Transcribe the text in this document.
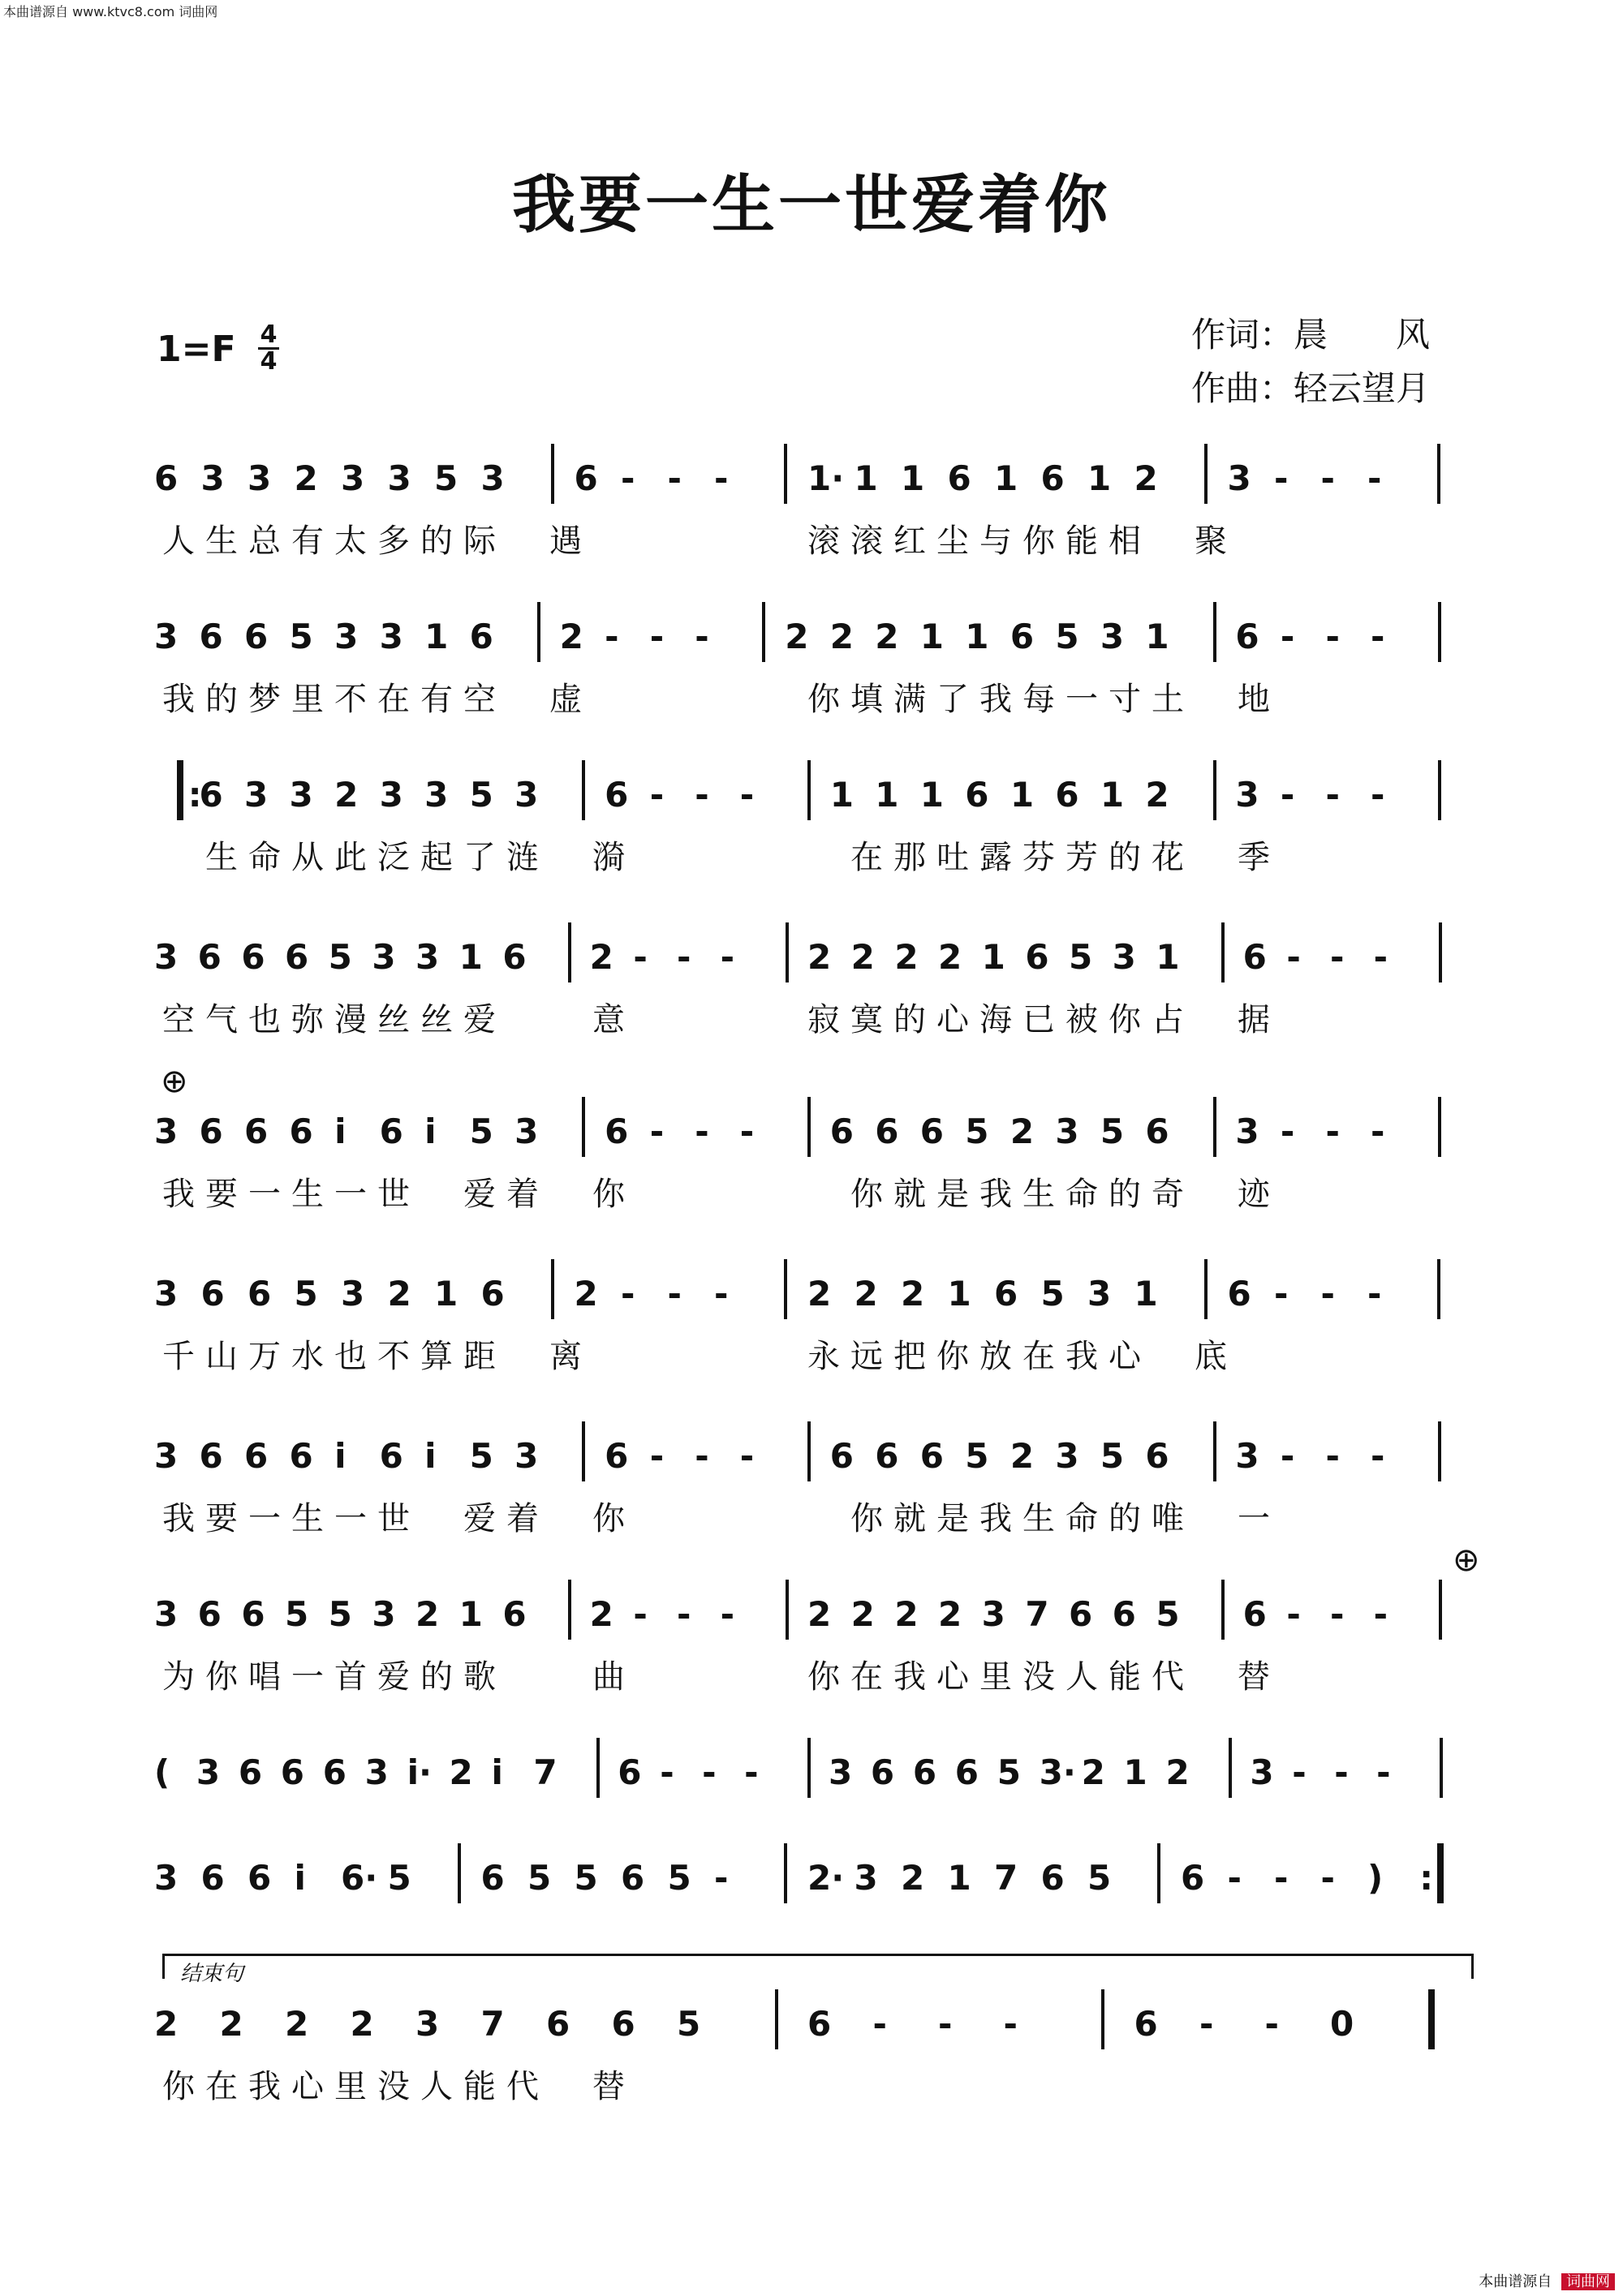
本曲谱源自 www.ktvc8.com 词曲网
我要一生一世爱着你
1=F 4
4
作词：晨　　风
作曲：轻云望月
6 3 3 2 3 3 5 3 6 - - - 1· 1 1 6 1 6 1 2 3 - - -
人生总有太多的际　遇　　　　　滚滚红尘与你能相　聚
3 6 6 5 3 3 1 6 2 - - - 2 2 2 1 1 6 5 3 1 6 - - -
我的梦里不在有空　虚　　　　　你填满了我每一寸土　地
:
6 3 3 2 3 3 5 3 6 - - - 1 1 1 6 1 6 1 2 3 - - -
　生命从此泛起了涟　漪　　　　　在那吐露芬芳的花　季
3 6 6 6 5 3 3 1 6 2 - - - 2 2 2 2 1 6 5 3 1 6 - - -
空气也弥漫丝丝爱　　意　　　　寂寞的心海已被你占　据
3 6 6 6 i 6 i 5 3 6 - - - 6 6 6 5 2 3 5 6 3 - - -
我要一生一世　爱着　你　　　　　你就是我生命的奇　迹
3 6 6 5 3 2 1 6 2 - - - 2 2 2 1 6 5 3 1 6 - - -
千山万水也不算距　离　　　　　永远把你放在我心　底
3 6 6 6 i 6 i 5 3 6 - - - 6 6 6 5 2 3 5 6 3 - - -
我要一生一世　爱着　你　　　　　你就是我生命的唯　一
3 6 6 5 5 3 2 1 6 2 - - - 2 2 2 2 3 7 6 6 5 6 - - -
为你唱一首爱的歌　　曲　　　　你在我心里没人能代　替
( 3 6 6 6 3 i· 2 i 7 6 - - - 3 6 6 6 5 3· 2 1 2 3 - - -
3 6 6 i 6· 5 6 5 5 6 5 - 2· 3 2 1 7 6 5 6 - - - ) :
2 2 2 2 3 7 6 6 5	6 - - -	6 - - 0
你在我心里没人能代　替
结束句
⊕
⊕
本曲谱源自 词曲网
